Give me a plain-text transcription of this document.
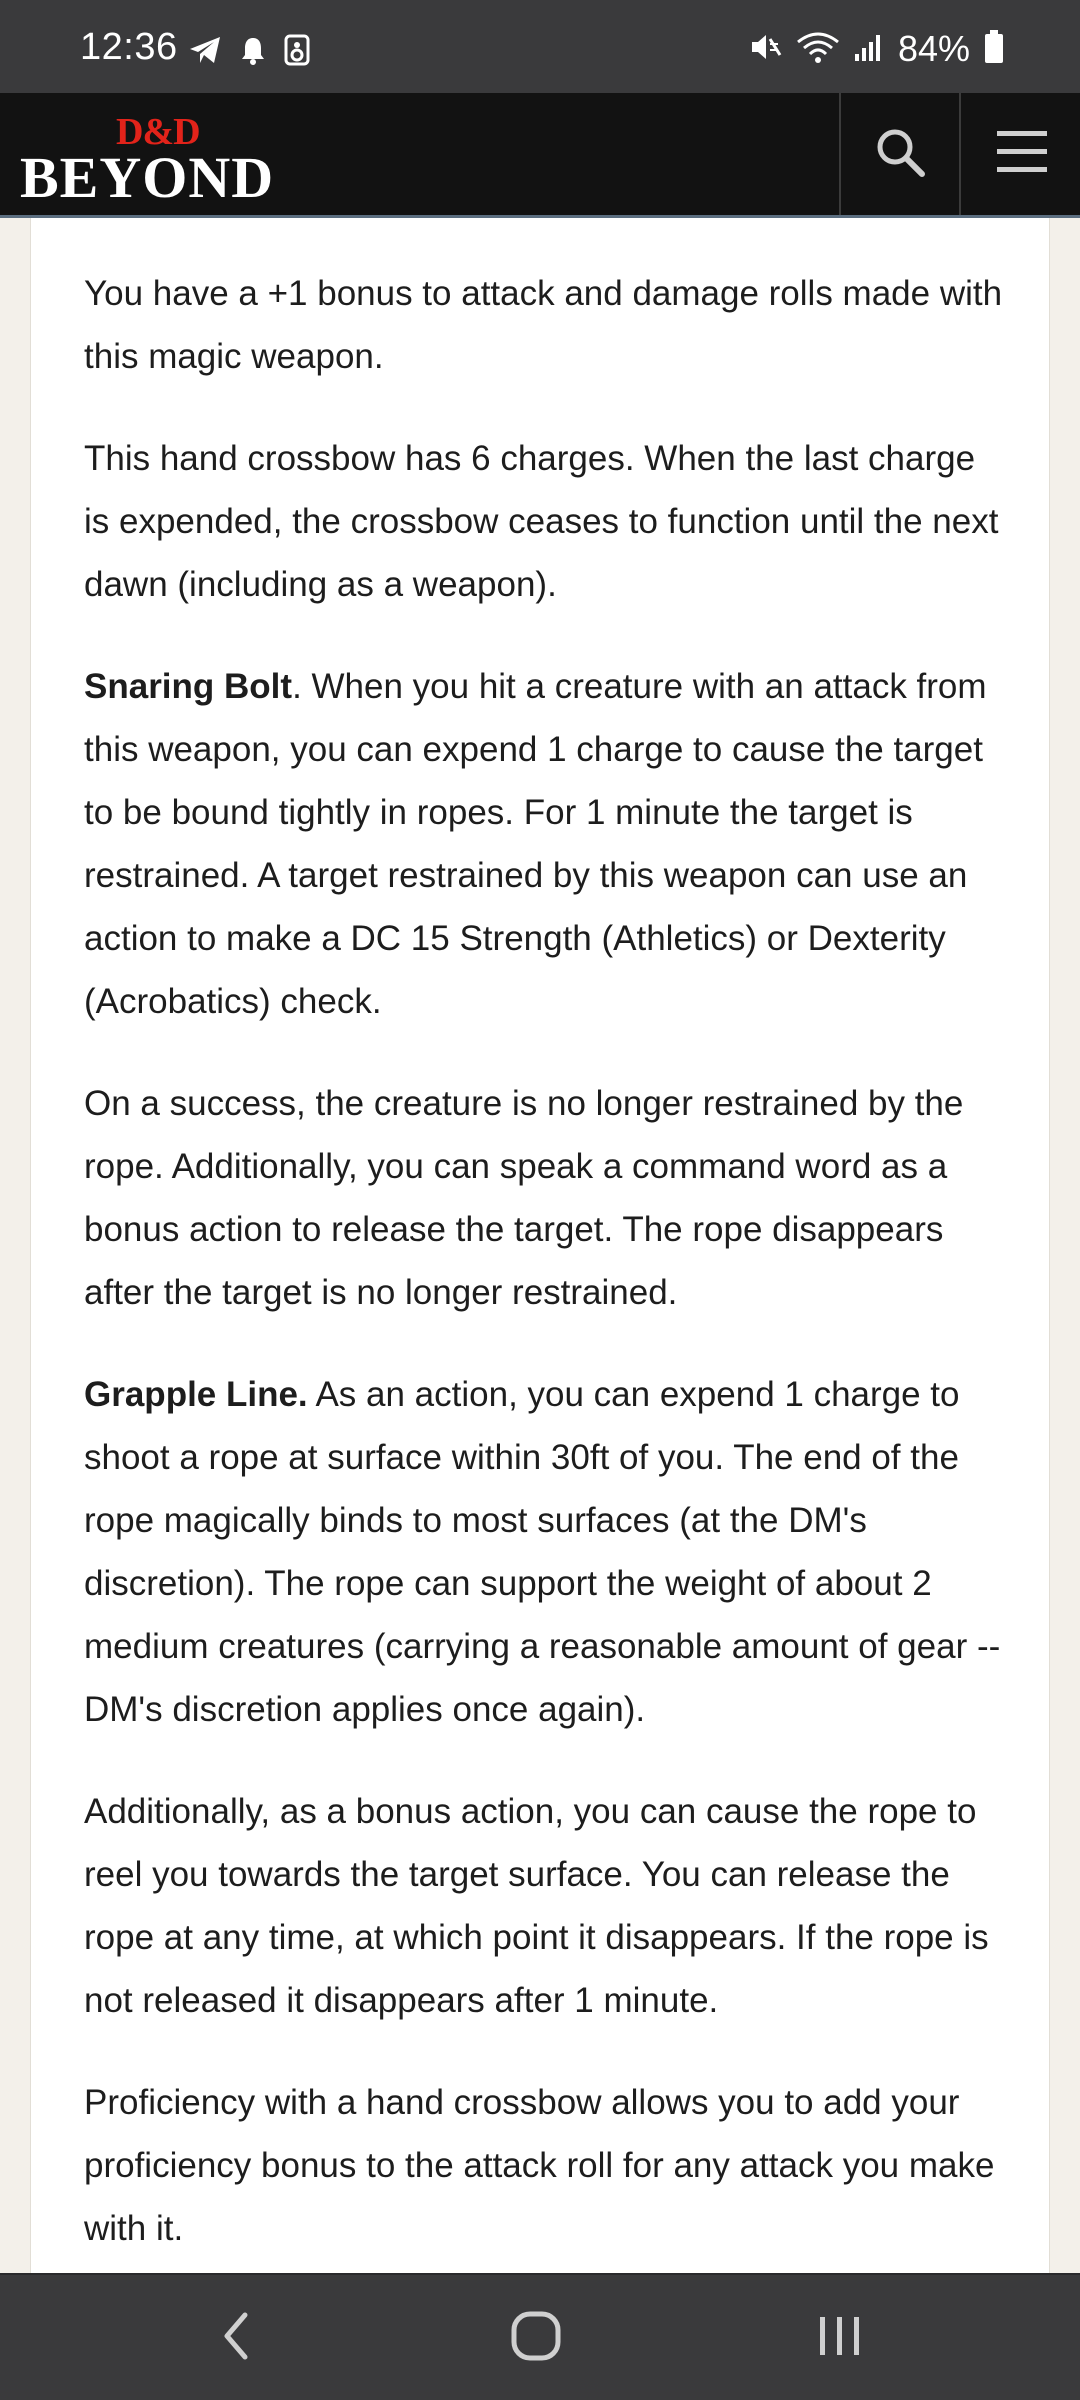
12:36	84%
D&D
BEYOND

You have a +1 bonus to attack and damage rolls made with this magic weapon.

This hand crossbow has 6 charges. When the last charge is expended, the crossbow ceases to function until the next dawn (including as a weapon).

Snaring Bolt. When you hit a creature with an attack from this weapon, you can expend 1 charge to cause the target to be bound tightly in ropes. For 1 minute the target is restrained. A target restrained by this weapon can use an action to make a DC 15 Strength (Athletics) or Dexterity (Acrobatics) check.

On a success, the creature is no longer restrained by the rope. Additionally, you can speak a command word as a bonus action to release the target. The rope disappears after the target is no longer restrained.

Grapple Line. As an action, you can expend 1 charge to shoot a rope at surface within 30ft of you. The end of the rope magically binds to most surfaces (at the DM's discretion). The rope can support the weight of about 2 medium creatures (carrying a reasonable amount of gear -- DM's discretion applies once again).

Additionally, as a bonus action, you can cause the rope to reel you towards the target surface. You can release the rope at any time, at which point it disappears. If the rope is not released it disappears after 1 minute.

Proficiency with a hand crossbow allows you to add your proficiency bonus to the attack roll for any attack you make with it.
